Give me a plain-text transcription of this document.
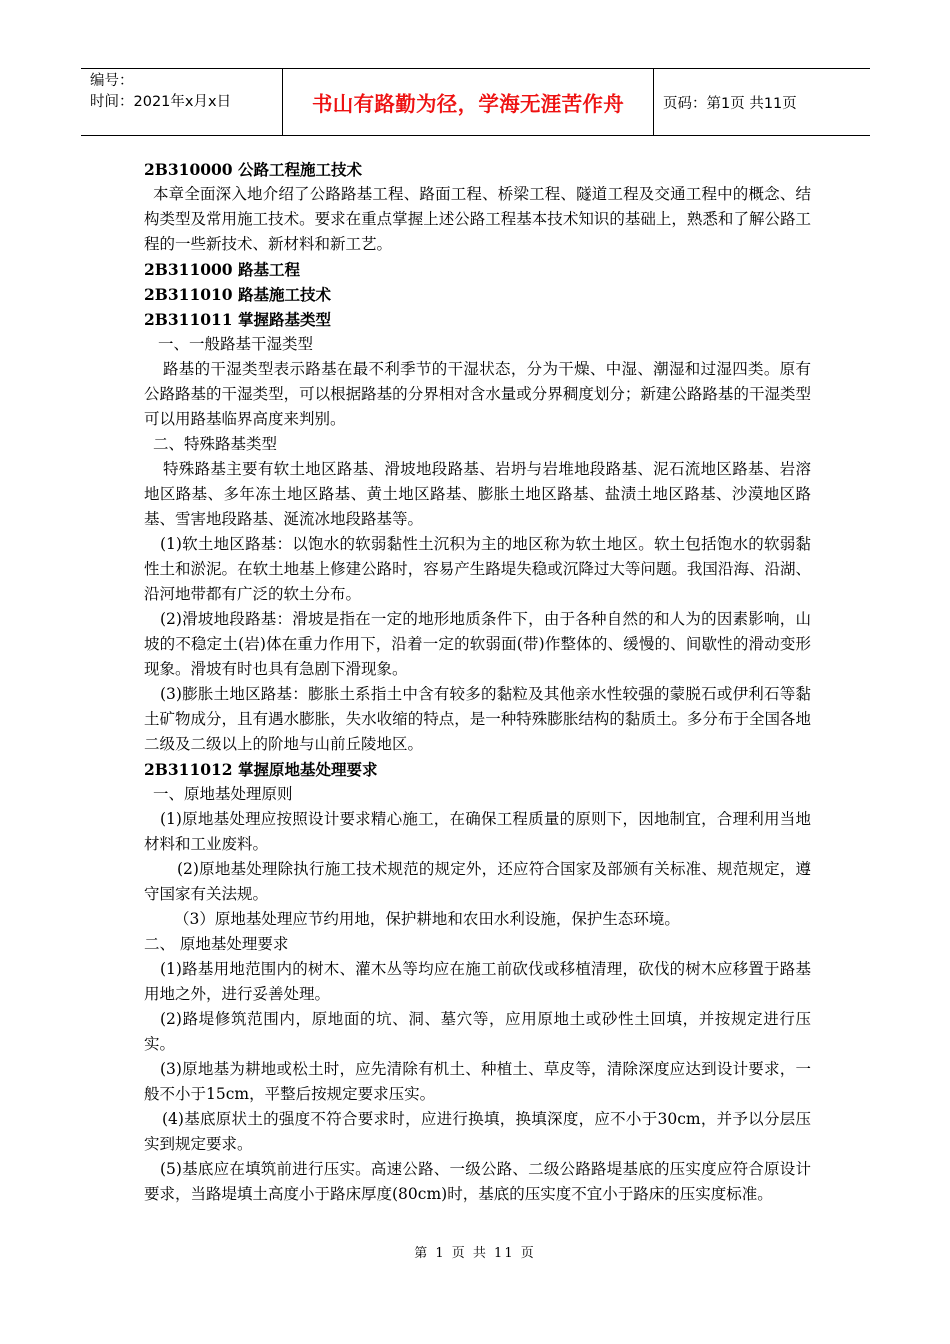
编号：
时间：2021年x月x日	书山有路勤为径，学海无涯苦作舟	页码：第1页 共11页

2B310000 公路工程施工技术

本章全面深入地介绍了公路路基工程、路面工程、桥梁工程、隧道工程及交通工程中的概念、结构类型及常用施工技术。要求在重点掌握上述公路工程基本技术知识的基础上，熟悉和了解公路工程的一些新技术、新材料和新工艺。

2B311000 路基工程

2B311010 路基施工技术

2B311011 掌握路基类型

一、一般路基干湿类型

路基的干湿类型表示路基在最不利季节的干湿状态，分为干燥、中湿、潮湿和过湿四类。原有公路路基的干湿类型，可以根据路基的分界相对含水量或分界稠度划分；新建公路路基的干湿类型可以用路基临界高度来判别。

二、特殊路基类型

特殊路基主要有软土地区路基、滑坡地段路基、岩坍与岩堆地段路基、泥石流地区路基、岩溶地区路基、多年冻土地区路基、黄土地区路基、膨胀土地区路基、盐渍土地区路基、沙漠地区路基、雪害地段路基、涎流冰地段路基等。

(1)软土地区路基：以饱水的软弱黏性土沉积为主的地区称为软土地区。软土包括饱水的软弱黏性土和淤泥。在软土地基上修建公路时，容易产生路堤失稳或沉降过大等问题。我国沿海、沿湖、沿河地带都有广泛的软土分布。

(2)滑坡地段路基：滑坡是指在一定的地形地质条件下，由于各种自然的和人为的因素影响，山坡的不稳定土(岩)体在重力作用下，沿着一定的软弱面(带)作整体的、缓慢的、间歇性的滑动变形现象。滑坡有时也具有急剧下滑现象。

(3)膨胀土地区路基：膨胀土系指土中含有较多的黏粒及其他亲水性较强的蒙脱石或伊利石等黏土矿物成分，且有遇水膨胀，失水收缩的特点，是一种特殊膨胀结构的黏质土。多分布于全国各地二级及二级以上的阶地与山前丘陵地区。

2B311012 掌握原地基处理要求

一、原地基处理原则

(1)原地基处理应按照设计要求精心施工，在确保工程质量的原则下，因地制宜，合理利用当地材料和工业废料。

(2)原地基处理除执行施工技术规范的规定外，还应符合国家及部颁有关标准、规范规定，遵守国家有关法规。

（3）原地基处理应节约用地，保护耕地和农田水利设施，保护生态环境。

二、 原地基处理要求

(1)路基用地范围内的树木、灌木丛等均应在施工前砍伐或移植清理，砍伐的树木应移置于路基用地之外，进行妥善处理。

(2)路堤修筑范围内，原地面的坑、洞、墓穴等，应用原地土或砂性土回填，并按规定进行压实。

(3)原地基为耕地或松土时，应先清除有机土、种植土、草皮等，清除深度应达到设计要求，一般不小于15cm，平整后按规定要求压实。

(4)基底原状土的强度不符合要求时，应进行换填，换填深度，应不小于30cm，并予以分层压实到规定要求。

(5)基底应在填筑前进行压实。高速公路、一级公路、二级公路路堤基底的压实度应符合原设计要求，当路堤填土高度小于路床厚度(80cm)时，基底的压实度不宜小于路床的压实度标准。

第 1 页 共 11 页
